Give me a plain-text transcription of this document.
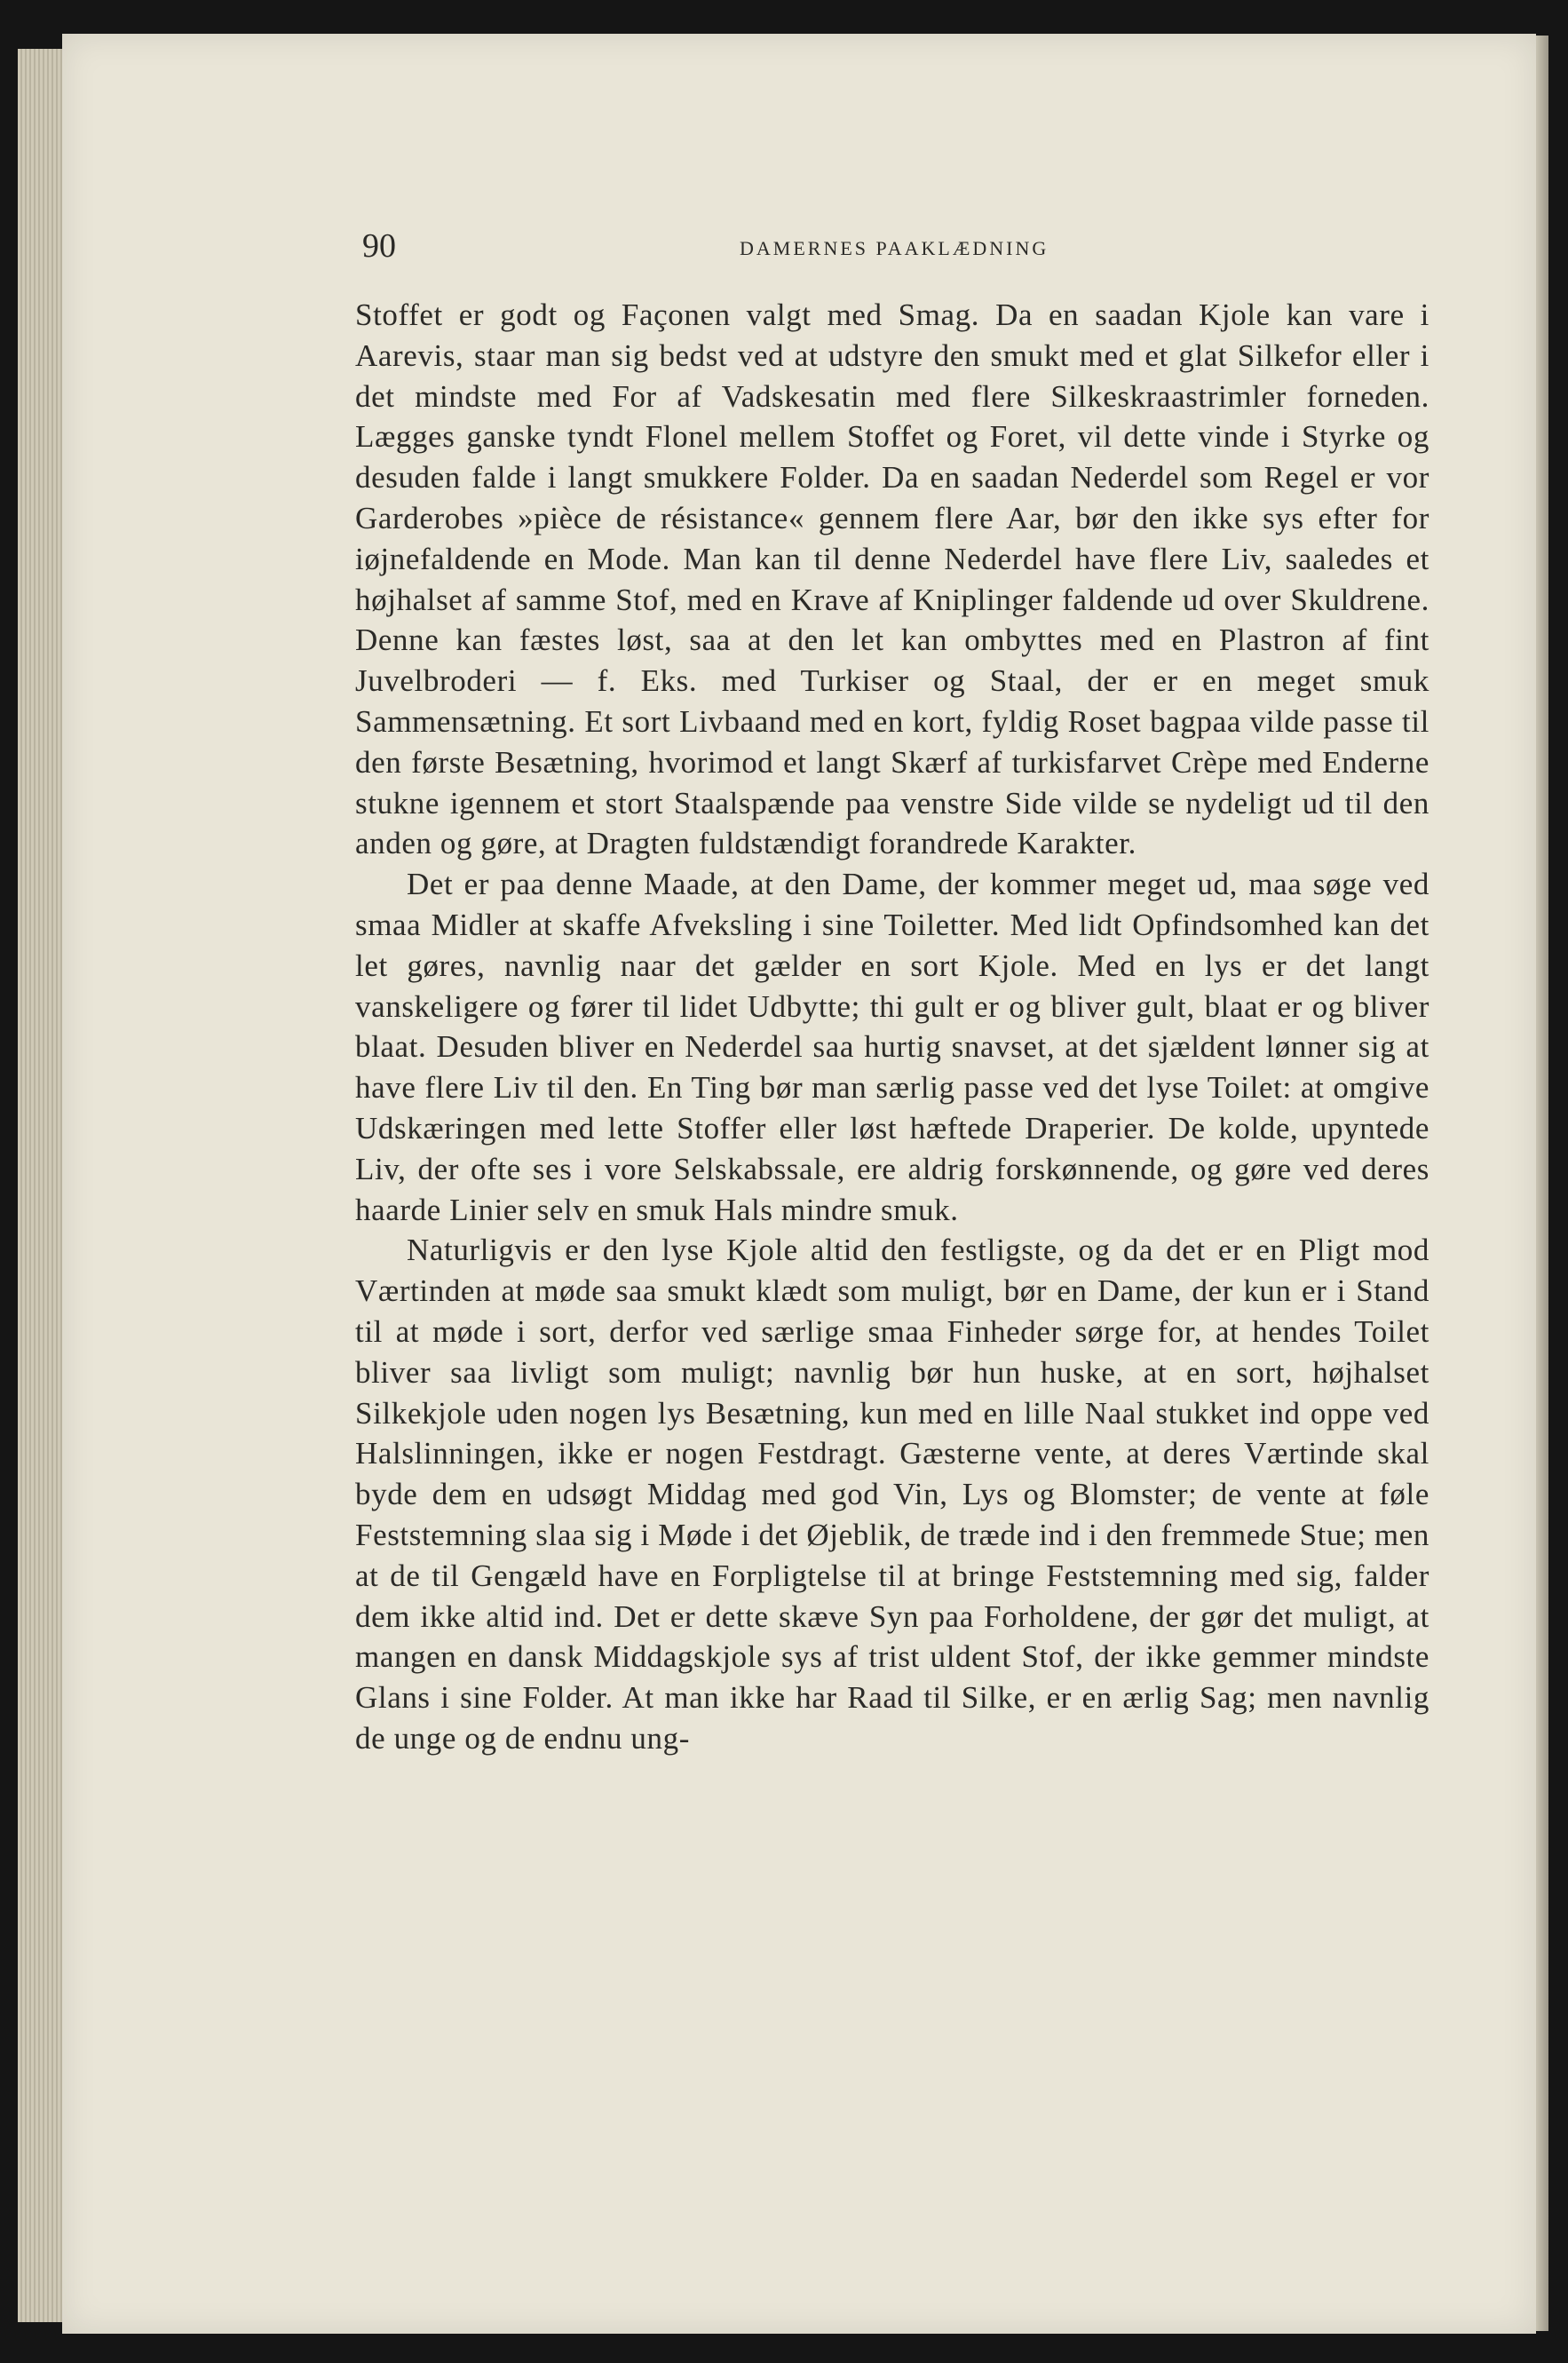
90	DAMERNES PAAKLÆDNING

Stoffet er godt og Façonen valgt med Smag. Da en saadan Kjole kan vare i Aarevis, staar man sig bedst ved at udstyre den smukt med et glat Silkefor eller i det mindste med For af Vadskesatin med flere Silkeskraastrimler forneden. Lægges ganske tyndt Flonel mellem Stoffet og Foret, vil dette vinde i Styrke og desuden falde i langt smukkere Folder. Da en saadan Nederdel som Regel er vor Garderobes »pièce de résistance« gennem flere Aar, bør den ikke sys efter for iøjnefaldende en Mode. Man kan til denne Nederdel have flere Liv, saaledes et højhalset af samme Stof, med en Krave af Kniplinger faldende ud over Skuldrene. Denne kan fæstes løst, saa at den let kan ombyttes med en Plastron af fint Juvelbroderi — f. Eks. med Turkiser og Staal, der er en meget smuk Sammensætning. Et sort Livbaand med en kort, fyldig Roset bagpaa vilde passe til den første Besætning, hvorimod et langt Skærf af turkisfarvet Crèpe med Enderne stukne igennem et stort Staalspænde paa venstre Side vilde se nydeligt ud til den anden og gøre, at Dragten fuldstændigt forandrede Karakter.

Det er paa denne Maade, at den Dame, der kommer meget ud, maa søge ved smaa Midler at skaffe Afveksling i sine Toiletter. Med lidt Opfindsomhed kan det let gøres, navnlig naar det gælder en sort Kjole. Med en lys er det langt vanskeligere og fører til lidet Udbytte; thi gult er og bliver gult, blaat er og bliver blaat. Desuden bliver en Nederdel saa hurtig snavset, at det sjældent lønner sig at have flere Liv til den. En Ting bør man særlig passe ved det lyse Toilet: at omgive Udskæringen med lette Stoffer eller løst hæftede Draperier. De kolde, upyntede Liv, der ofte ses i vore Selskabssale, ere aldrig forskønnende, og gøre ved deres haarde Linier selv en smuk Hals mindre smuk.

Naturligvis er den lyse Kjole altid den festligste, og da det er en Pligt mod Værtinden at møde saa smukt klædt som muligt, bør en Dame, der kun er i Stand til at møde i sort, derfor ved særlige smaa Finheder sørge for, at hendes Toilet bliver saa livligt som muligt; navnlig bør hun huske, at en sort, højhalset Silkekjole uden nogen lys Besætning, kun med en lille Naal stukket ind oppe ved Halslinningen, ikke er nogen Festdragt. Gæsterne vente, at deres Værtinde skal byde dem en udsøgt Middag med god Vin, Lys og Blomster; de vente at føle Feststemning slaa sig i Møde i det Øjeblik, de træde ind i den fremmede Stue; men at de til Gengæld have en Forpligtelse til at bringe Feststemning med sig, falder dem ikke altid ind. Det er dette skæve Syn paa Forholdene, der gør det muligt, at mangen en dansk Middagskjole sys af trist uldent Stof, der ikke gemmer mindste Glans i sine Folder. At man ikke har Raad til Silke, er en ærlig Sag; men navnlig de unge og de endnu ung-
